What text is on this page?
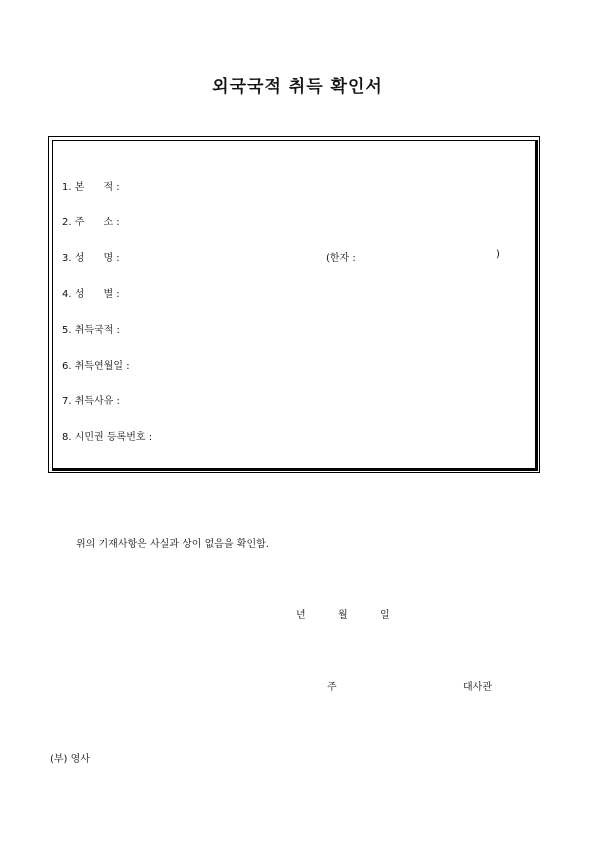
외국국적 취득 확인서
1. 본      적 :
2. 주      소 :
3. 성      명 :	(한자 :	)
4. 성      별 :
5. 취득국적 :
6. 취득연월일 :
7. 취득사유 :
8. 시민권 등록번호 :
위의 기재사항은 사실과 상이 없음을 확인함.
년	월	일
주	대사관
(부) 영사
